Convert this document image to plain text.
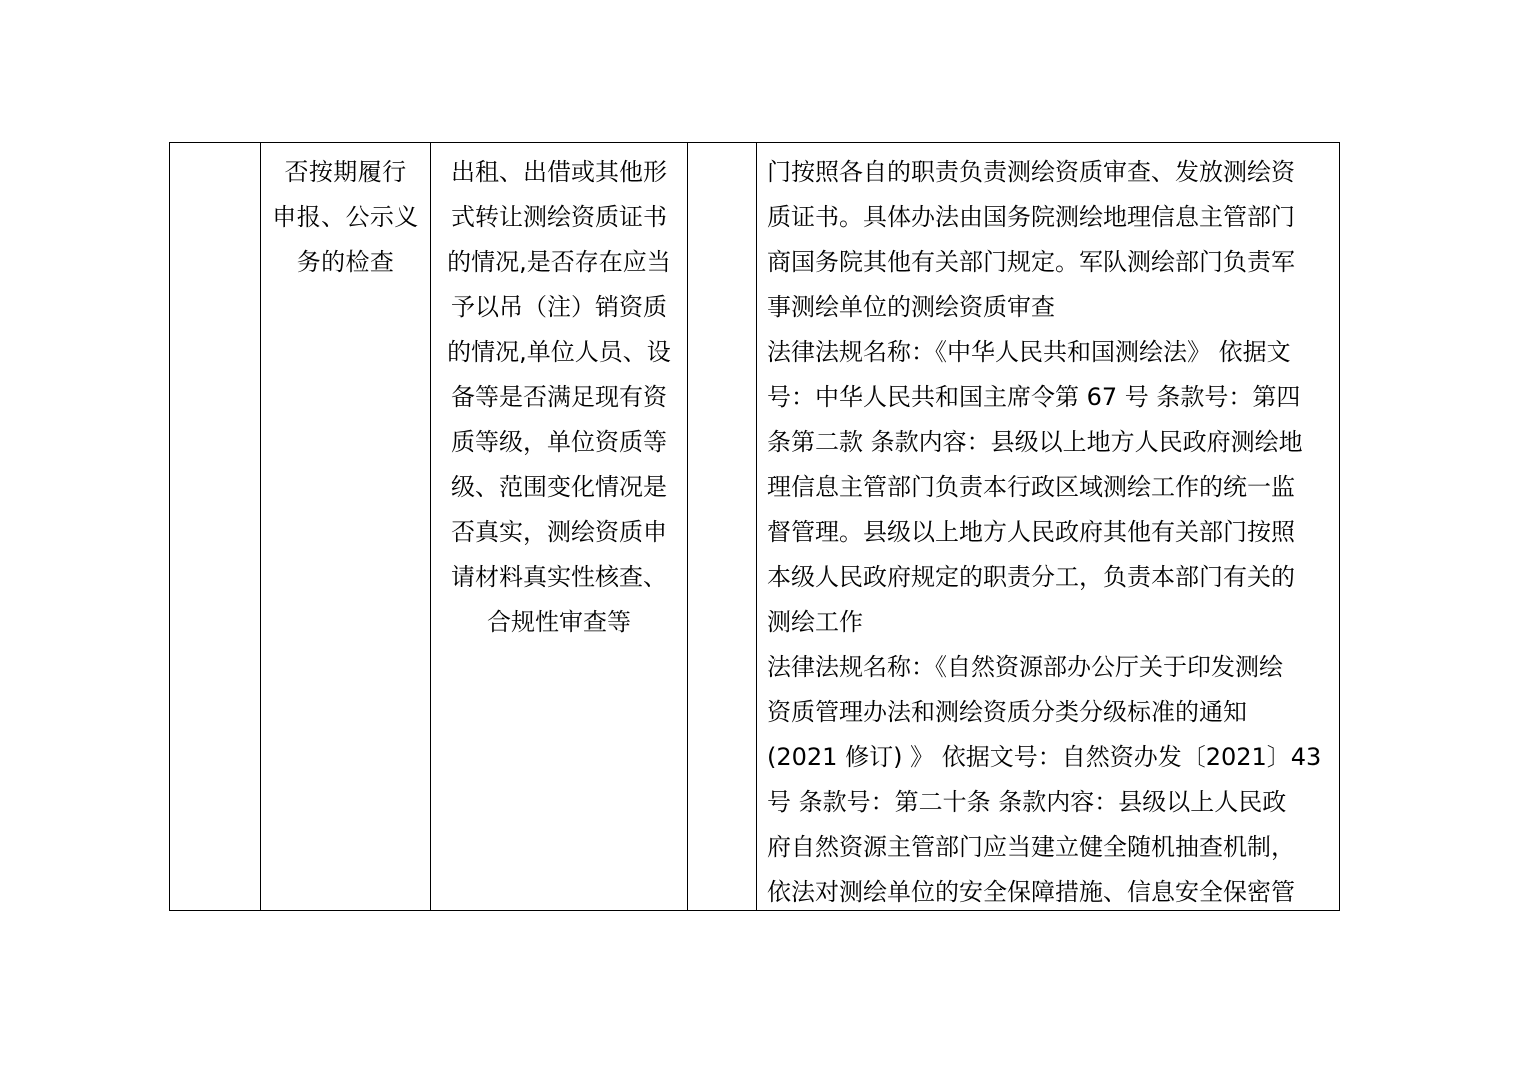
否按期履行
申报、公示义
务的检查
出租、出借或其他形
式转让测绘资质证书
的情况,是否存在应当
予以吊（注）销资质
的情况,单位人员、设
备等是否满足现有资
质等级，单位资质等
级、范围变化情况是
否真实，测绘资质申
请材料真实性核查、
合规性审查等
门按照各自的职责负责测绘资质审查、发放测绘资
质证书。具体办法由国务院测绘地理信息主管部门
商国务院其他有关部门规定。军队测绘部门负责军
事测绘单位的测绘资质审查
法律法规名称：《中华人民共和国测绘法》 依据文
号：中华人民共和国主席令第 67 号 条款号：第四
条第二款 条款内容：县级以上地方人民政府测绘地
理信息主管部门负责本行政区域测绘工作的统一监
督管理。县级以上地方人民政府其他有关部门按照
本级人民政府规定的职责分工，负责本部门有关的
测绘工作
法律法规名称：《自然资源部办公厅关于印发测绘
资质管理办法和测绘资质分类分级标准的通知
(2021 修订) 》 依据文号：自然资办发〔2021〕43
号 条款号：第二十条 条款内容：县级以上人民政
府自然资源主管部门应当建立健全随机抽查机制，
依法对测绘单位的安全保障措施、信息安全保密管
